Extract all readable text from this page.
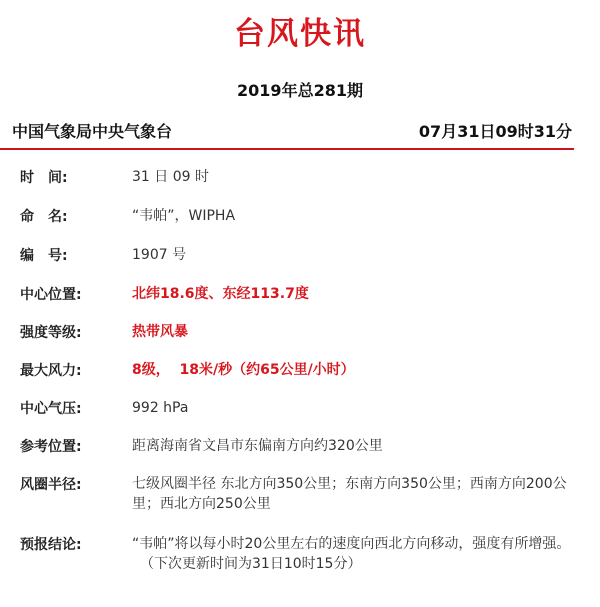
台风快讯
2019年总281期
中国气象局中央气象台	07月31日09时31分
时　间:	31 日 09 时
命　名:	“韦帕”，WIPHA
编　号:	1907 号
中心位置:	北纬18.6度、东经113.7度
强度等级:	热带风暴
最大风力:	8级，  18米/秒（约65公里/小时）
中心气压:	992 hPa
参考位置:	距离海南省文昌市东偏南方向约320公里
风圈半径:	七级风圈半径 东北方向350公里；东南方向350公里；西南方向200公里；西北方向250公里
预报结论:	“韦帕”将以每小时20公里左右的速度向西北方向移动，强度有所增强。
（下次更新时间为31日10时15分）
